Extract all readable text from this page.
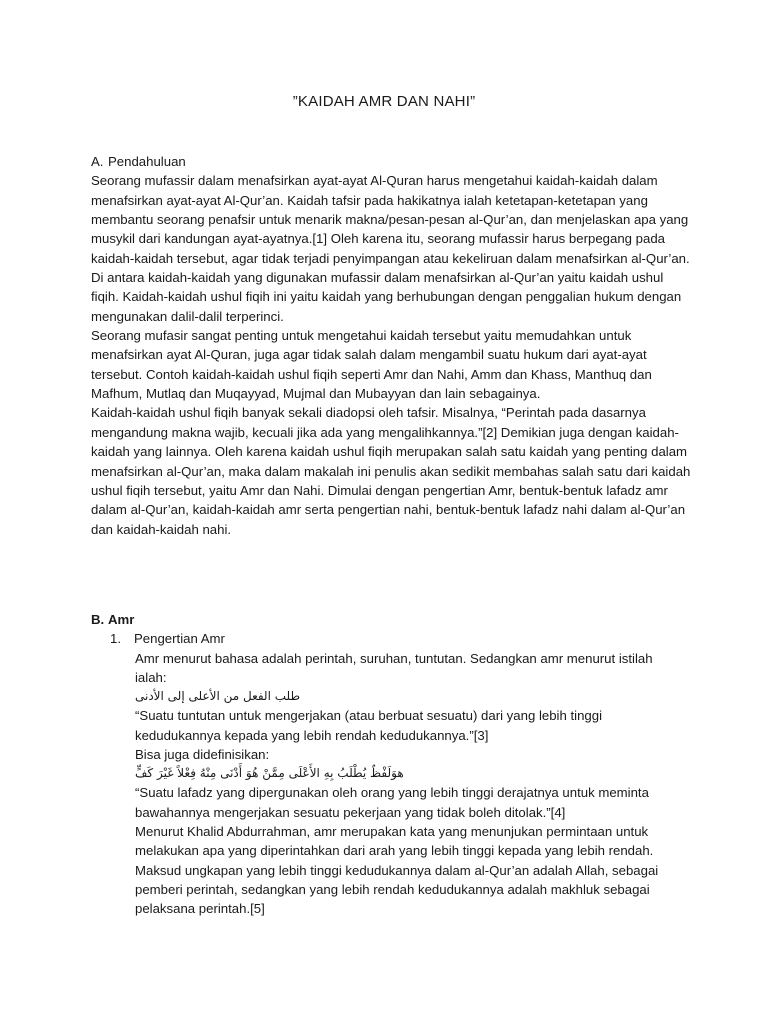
”KAIDAH AMR DAN NAHI”
A. Pendahuluan

Seorang mufassir dalam menafsirkan ayat-ayat Al-Quran harus mengetahui kaidah-kaidah dalam menafsirkan ayat-ayat Al-Qur’an. Kaidah tafsir pada hakikatnya ialah ketetapan-ketetapan yang membantu seorang penafsir untuk menarik makna/pesan-pesan al-Qur’an, dan menjelaskan apa yang musykil dari kandungan ayat-ayatnya.[1] Oleh karena itu, seorang mufassir harus berpegang pada kaidah-kaidah tersebut, agar tidak terjadi penyimpangan atau kekeliruan dalam menafsirkan al-Qur’an. Di antara kaidah-kaidah yang digunakan mufassir dalam menafsirkan al-Qur’an yaitu kaidah ushul fiqih. Kaidah-kaidah ushul fiqih ini yaitu kaidah yang berhubungan dengan penggalian hukum dengan mengunakan dalil-dalil terperinci.

Seorang mufasir sangat penting untuk mengetahui kaidah tersebut yaitu memudahkan untuk menafsirkan ayat Al-Quran, juga agar tidak salah dalam mengambil suatu hukum dari ayat-ayat tersebut. Contoh kaidah-kaidah ushul fiqih seperti Amr dan Nahi, Amm dan Khass, Manthuq dan Mafhum, Mutlaq dan Muqayyad, Mujmal dan Mubayyan dan lain sebagainya.

Kaidah-kaidah ushul fiqih banyak sekali diadopsi oleh tafsir. Misalnya, “Perintah pada dasarnya mengandung makna wajib, kecuali jika ada yang mengalihkannya.”[2] Demikian juga dengan kaidah-kaidah yang lainnya. Oleh karena kaidah ushul fiqih merupakan salah satu kaidah yang penting dalam menafsirkan al-Qur’an, maka dalam makalah ini penulis akan sedikit membahas salah satu dari kaidah ushul fiqih tersebut, yaitu Amr dan Nahi. Dimulai dengan pengertian Amr, bentuk-bentuk lafadz amr dalam al-Qur’an, kaidah-kaidah amr serta pengertian nahi, bentuk-bentuk lafadz nahi dalam al-Qur’an dan kaidah-kaidah nahi.

B. Amr
1. Pengertian Amr

Amr menurut bahasa adalah perintah, suruhan, tuntutan. Sedangkan amr menurut istilah ialah:

طلب الفعل من الأعلى إلى الأدنى

“Suatu tuntutan untuk mengerjakan (atau berbuat sesuatu) dari yang lebih tinggi kedudukannya kepada yang lebih rendah kedudukannya.”[3]

Bisa juga didefinisikan:

هوَلَفْظٌ يُطْلَبُ بِهِ الأَعْلَى مِمَّنْ هُوَ أَدْنَى مِنْهُ فِعْلاً غَيْرَ كَفٍّ

“Suatu lafadz yang dipergunakan oleh orang yang lebih tinggi derajatnya untuk meminta bawahannya mengerjakan sesuatu pekerjaan yang tidak boleh ditolak.”[4]

Menurut Khalid Abdurrahman, amr merupakan kata yang menunjukan permintaan untuk melakukan apa yang diperintahkan dari arah yang lebih tinggi kepada yang lebih rendah. Maksud ungkapan yang lebih tinggi kedudukannya dalam al-Qur’an adalah Allah, sebagai pemberi perintah, sedangkan yang lebih rendah kedudukannya adalah makhluk sebagai pelaksana perintah.[5]
